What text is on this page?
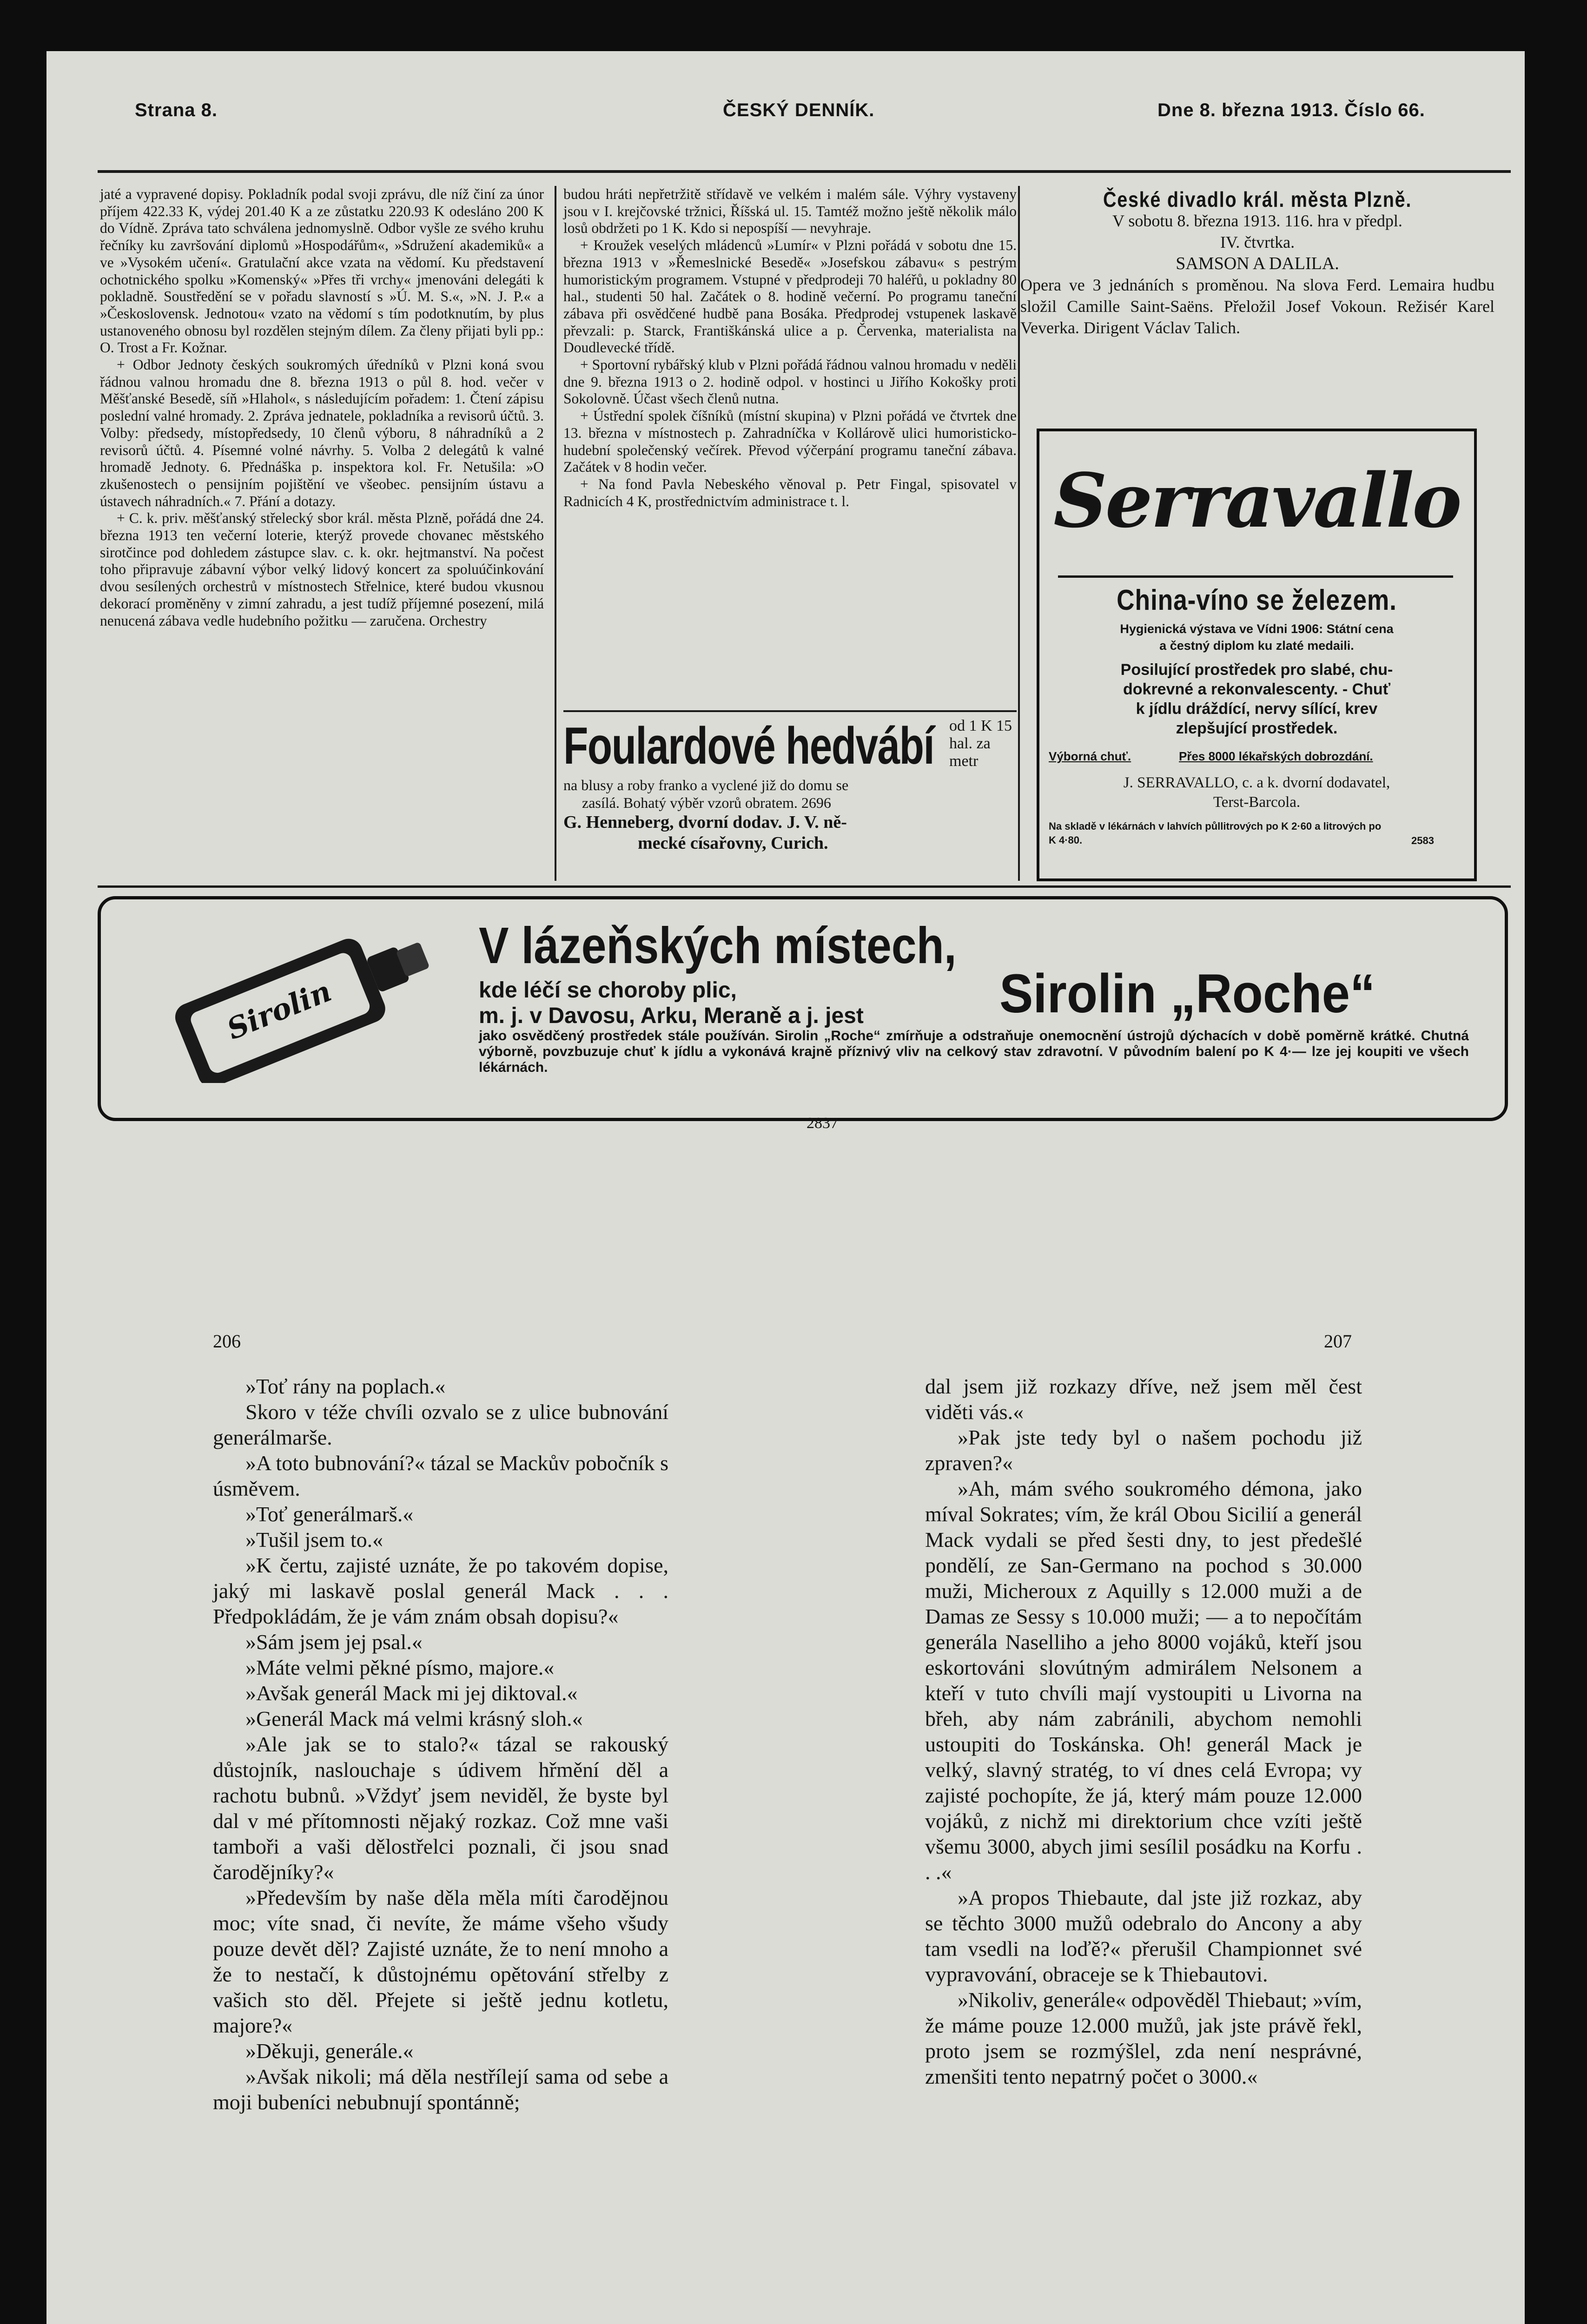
Strana 8.	ČESKÝ DENNÍK.	Dne 8. března 1913. Číslo 66.

jaté a vypravené dopisy. Pokladník podal svoji zprávu, dle níž činí za únor příjem 422.33 K, výdej 201.40 K a ze zůstatku 220.93 K odesláno 200 K do Vídně. Zpráva tato schválena jednomyslně. Odbor vyšle ze svého kruhu řečníky ku završování diplomů »Hospodářům«, »Sdružení akademiků« a ve »Vysokém učení«. Gratulační akce vzata na vědomí. Ku představení ochotnického spolku »Komenský« »Přes tři vrchy« jmenováni delegáti k pokladně. Soustředění se v pořadu slavností s »Ú. M. S.«, »N. J. P.« a »Československ. Jednotou« vzato na vědomí s tím podotknutím, by plus ustanoveného obnosu byl rozdělen stejným dílem. Za členy přijati byli pp.: O. Trost a Fr. Kožnar.

+ Odbor Jednoty českých soukromých úředníků v Plzni koná svou řádnou valnou hromadu dne 8. března 1913 o půl 8. hod. večer v Měšťanské Besedě, síň »Hlahol«, s následujícím pořadem: 1. Čtení zápisu poslední valné hromady. 2. Zpráva jednatele, pokladníka a revisorů účtů. 3. Volby: předsedy, místopředsedy, 10 členů výboru, 8 náhradníků a 2 revisorů účtů. 4. Písemné volné návrhy. 5. Volba 2 delegátů k valné hromadě Jednoty. 6. Přednáška p. inspektora kol. Fr. Netušila: »O zkušenostech o pensijním pojištění ve všeobec. pensijním ústavu a ústavech náhradních.« 7. Přání a dotazy.

+ C. k. priv. měšťanský střelecký sbor král. města Plzně, pořádá dne 24. března 1913 ten večerní loterie, kterýž provede chovanec městského sirotčince pod dohledem zástupce slav. c. k. okr. hejtmanství. Na počest toho připravuje zábavní výbor velký lidový koncert za spoluúčinkování dvou sesílených orchestrů v místnostech Střelnice, které budou vkusnou dekorací proměněny v zimní zahradu, a jest tudíž příjemné posezení, milá nenucená zábava vedle hudebního požitku — zaručena. Orchestry

budou hráti nepřetržitě střídavě ve velkém i malém sále. Výhry vystaveny jsou v I. krejčovské tržnici, Říšská ul. 15. Tamtéž možno ještě několik málo losů obdržeti po 1 K. Kdo si nepospíší — nevyhraje.

+ Kroužek veselých mládenců »Lumír« v Plzni pořádá v sobotu dne 15. března 1913 v »Řemeslnické Besedě« »Josefskou zábavu« s pestrým humoristickým programem. Vstupné v předprodeji 70 haléřů, u pokladny 80 hal., studenti 50 hal. Začátek o 8. hodině večerní. Po programu taneční zábava při osvědčené hudbě pana Bosáka. Předprodej vstupenek laskavě převzali: p. Starck, Františkánská ulice a p. Červenka, materialista na Doudlevecké třídě.

+ Sportovní rybářský klub v Plzni pořádá řádnou valnou hromadu v neděli dne 9. března 1913 o 2. hodině odpol. v hostinci u Jiřího Kokošky proti Sokolovně. Účast všech členů nutna.

+ Ústřední spolek číšníků (místní skupina) v Plzni pořádá ve čtvrtek dne 13. března v místnostech p. Zahradníčka v Kollárově ulici humoristicko-hudební společenský večírek. Převod výčerpání programu taneční zábava. Začátek v 8 hodin večer.

+ Na fond Pavla Nebeského věnoval p. Petr Fingal, spisovatel v Radnicích 4 K, prostřednictvím administrace t. l.

Foulardové hedvábí od 1 K 15 hal. za metr
na blusy a roby franko a vyclené již do domu se
zasílá. Bohatý výběr vzorů obratem. 2696
G. Henneberg, dvorní dodav. J. V. ně-
mecké císařovny, Curich.
České divadlo král. města Plzně.
V sobotu 8. března 1913. 116. hra v předpl.
IV. čtvrtka.
SAMSON A DALILA.
Opera ve 3 jednáních s proměnou. Na slova Ferd. Lemaira hudbu složil Camille Saint-Saëns. Přeložil Josef Vokoun. Režisér Karel Veverka. Dirigent Václav Talich.
Serravallo
China-víno se železem.
Hygienická výstava ve Vídni 1906: Státní cena
a čestný diplom ku zlaté medaili.
Posilující prostředek pro slabé, chu-
dokrevné a rekonvalescenty. - Chuť
k jídlu dráždící, nervy sílící, krev
zlepšující prostředek.
Výborná chuť.	Přes 8000 lékařských dobrozdání.
J. SERRAVALLO, c. a k. dvorní dodavatel,
Terst-Barcola.
Na skladě v lékárnách v lahvích půllitrových po K 2·60 a litrových po K 4·80.	2583
Sirolin
V lázeňských místech,
kde léčí se choroby plic,
m. j. v Davosu, Arku, Meraně a j. jest Sirolin „Roche“
jako osvědčený prostředek stále používán. Sirolin „Roche“ zmírňuje a odstraňuje onemocnění ústrojů dýchacích v době poměrně krátké. Chutná výborně, povzbuzuje chuť k jídlu a vykonává krajně příznivý vliv na celkový stav zdravotní. V původním balení po K 4·— lze jej koupiti ve všech lékárnách.
2837
206	207

»Toť rány na poplach.«

Skoro v téže chvíli ozvalo se z ulice bubnování generálmarše.

»A toto bubnování?« tázal se Mackův pobočník s úsměvem.

»Toť generálmarš.«

»Tušil jsem to.«

»K čertu, zajisté uznáte, že po takovém dopise, jaký mi laskavě poslal generál Mack . . . Předpokládám, že je vám znám obsah dopisu?«

»Sám jsem jej psal.«

»Máte velmi pěkné písmo, majore.«

»Avšak generál Mack mi jej diktoval.«

»Generál Mack má velmi krásný sloh.«

»Ale jak se to stalo?« tázal se rakouský důstojník, naslouchaje s údivem hřmění děl a rachotu bubnů. »Vždyť jsem neviděl, že byste byl dal v mé přítomnosti nějaký rozkaz. Což mne vaši tamboři a vaši dělostřelci poznali, či jsou snad čarodějníky?«

»Především by naše děla měla míti čarodějnou moc; víte snad, či nevíte, že máme všeho všudy pouze devět děl? Zajisté uznáte, že to není mnoho a že to nestačí, k důstojnému opětování střelby z vašich sto děl. Přejete si ještě jednu kotletu, majore?«

»Děkuji, generále.«

»Avšak nikoli; má děla nestřílejí sama od sebe a moji bubeníci nebubnují spontánně;

dal jsem již rozkazy dříve, než jsem měl čest viděti vás.«

»Pak jste tedy byl o našem pochodu již zpraven?«

»Ah, mám svého soukromého démona, jako míval Sokrates; vím, že král Obou Sicilií a generál Mack vydali se před šesti dny, to jest předešlé pondělí, ze San-Germano na pochod s 30.000 muži, Micheroux z Aquilly s 12.000 muži a de Damas ze Sessy s 10.000 muži; — a to nepočítám generála Naselliho a jeho 8000 vojáků, kteří jsou eskortováni slovútným admirálem Nelsonem a kteří v tuto chvíli mají vystoupiti u Livorna na břeh, aby nám zabránili, abychom nemohli ustoupiti do Toskánska. Oh! generál Mack je velký, slavný stratég, to ví dnes celá Evropa; vy zajisté pochopíte, že já, který mám pouze 12.000 vojáků, z nichž mi direktorium chce vzíti ještě všemu 3000, abych jimi sesílil posádku na Korfu . . .«

»A propos Thiebaute, dal jste již rozkaz, aby se těchto 3000 mužů odebralo do Ancony a aby tam vsedli na loďě?« přerušil Championnet své vypravování, obraceje se k Thiebautovi.

»Nikoliv, generále« odpověděl Thiebaut; »vím, že máme pouze 12.000 mužů, jak jste právě řekl, proto jsem se rozmýšlel, zda není nesprávné, zmenšiti tento nepatrný počet o 3000.«
